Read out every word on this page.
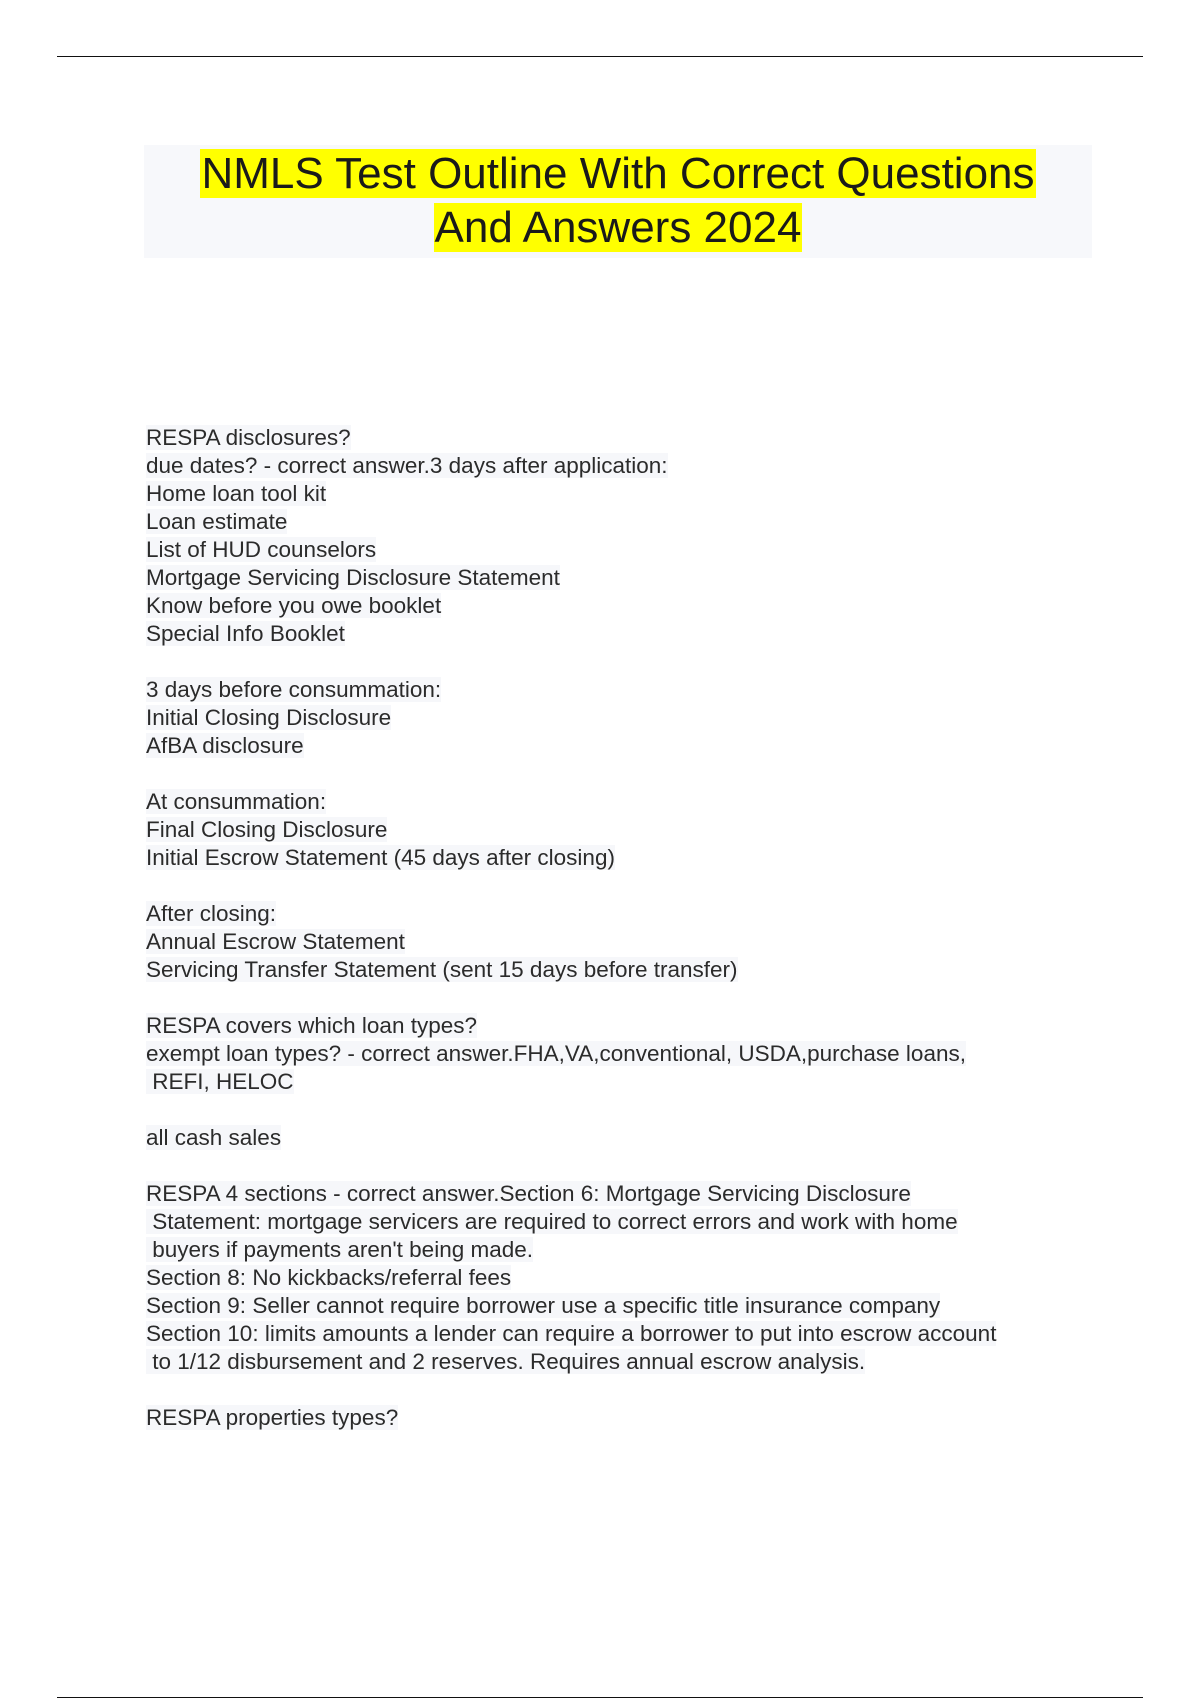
NMLS Test Outline With Correct Questions
And Answers 2024
RESPA disclosures?
due dates? - correct answer.3 days after application:
Home loan tool kit
Loan estimate
List of HUD counselors
Mortgage Servicing Disclosure Statement
Know before you owe booklet
Special Info Booklet
3 days before consummation:
Initial Closing Disclosure
AfBA disclosure
At consummation:
Final Closing Disclosure
Initial Escrow Statement (45 days after closing)
After closing:
Annual Escrow Statement
Servicing Transfer Statement (sent 15 days before transfer)
RESPA covers which loan types?
exempt loan types? - correct answer.FHA,VA,conventional, USDA,purchase loans,
REFI, HELOC
all cash sales
RESPA 4 sections - correct answer.Section 6: Mortgage Servicing Disclosure
Statement: mortgage servicers are required to correct errors and work with home
buyers if payments aren't being made.
Section 8: No kickbacks/referral fees
Section 9: Seller cannot require borrower use a specific title insurance company
Section 10: limits amounts a lender can require a borrower to put into escrow account
to 1/12 disbursement and 2 reserves. Requires annual escrow analysis.
RESPA properties types?
